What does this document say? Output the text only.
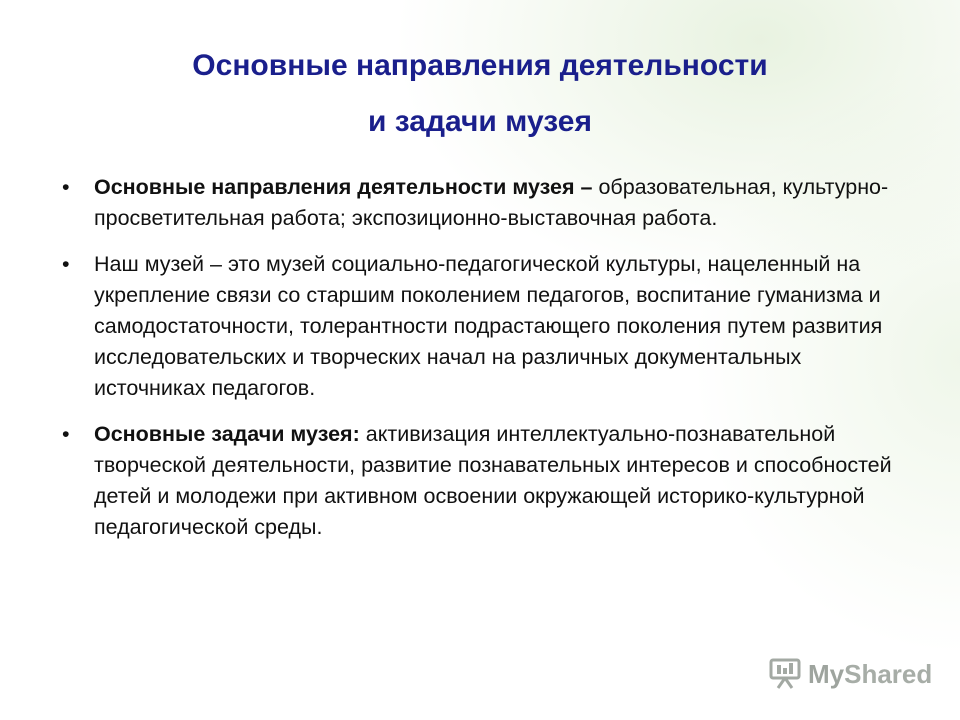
Основные направления деятельности
и задачи музея
• Основные направления деятельности музея – образовательная, культурно-просветительная работа; экспозиционно-выставочная работа.
• Наш музей – это музей социально-педагогической культуры, нацеленный на укрепление связи со старшим поколением педагогов, воспитание гуманизма и самодостаточности, толерантности подрастающего поколения путем развития исследовательских и творческих начал на различных документальных источниках педагогов.
• Основные задачи музея: активизация интеллектуально-познавательной творческой деятельности, развитие познавательных интересов и способностей детей и молодежи при активном освоении окружающей историко-культурной педагогической среды.
My Shared
